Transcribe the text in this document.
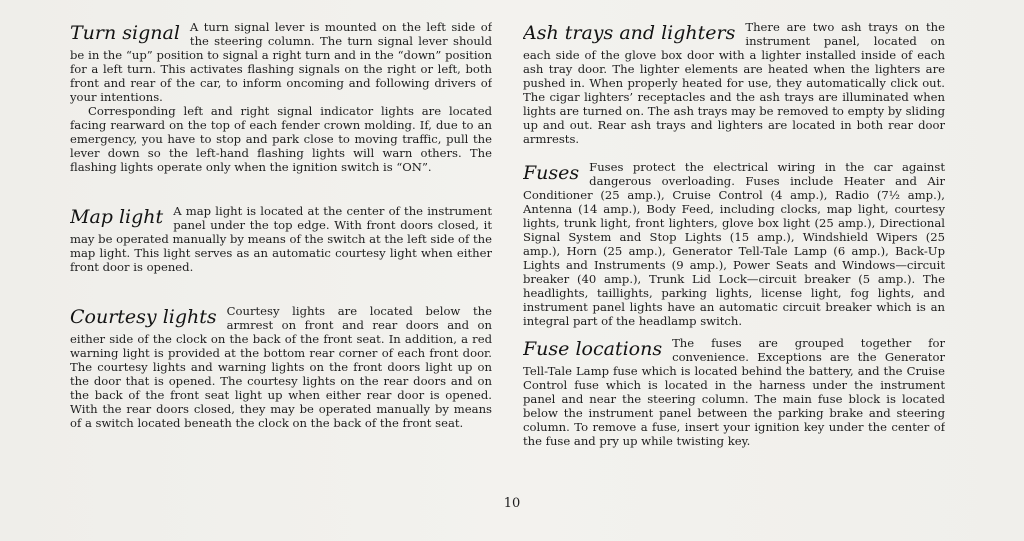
Turn signal A turn signal lever is mounted on the left side of the steering column. The turn signal lever should be in the “up” position to signal a right turn and in the “down” position for a left turn. This activates flashing signals on the right or left, both front and rear of the car, to inform oncoming and following drivers of your intentions.

Corresponding left and right signal indicator lights are located facing rearward on the top of each fender crown molding. If, due to an emergency, you have to stop and park close to moving traffic, pull the lever down so the left-hand flashing lights will warn others. The flashing lights operate only when the ignition switch is “ON”.

Map light A map light is located at the center of the instrument panel under the top edge. With front doors closed, it may be operated manually by means of the switch at the left side of the map light. This light serves as an automatic courtesy light when either front door is opened.

Courtesy lights Courtesy lights are located below the armrest on front and rear doors and on either side of the clock on the back of the front seat. In addition, a red warning light is provided at the bottom rear corner of each front door. The courtesy lights and warning lights on the front doors light up on the door that is opened. The courtesy lights on the rear doors and on the back of the front seat light up when either rear door is opened. With the rear doors closed, they may be operated manually by means of a switch located beneath the clock on the back of the front seat.

Ash trays and lighters There are two ash trays on the instrument panel, located on each side of the glove box door with a lighter installed inside of each ash tray door. The lighter elements are heated when the lighters are pushed in. When properly heated for use, they automatically click out. The cigar lighters’ receptacles and the ash trays are illuminated when lights are turned on. The ash trays may be removed to empty by sliding up and out. Rear ash trays and lighters are located in both rear door armrests.

Fuses Fuses protect the electrical wiring in the car against dangerous overloading. Fuses include Heater and Air Conditioner (25 amp.), Cruise Control (4 amp.), Radio (7½ amp.), Antenna (14 amp.), Body Feed, including clocks, map light, courtesy lights, trunk light, front lighters, glove box light (25 amp.), Directional Signal System and Stop Lights (15 amp.), Windshield Wipers (25 amp.), Horn (25 amp.), Generator Tell-Tale Lamp (6 amp.), Back-Up Lights and Instruments (9 amp.), Power Seats and Windows—circuit breaker (40 amp.), Trunk Lid Lock—circuit breaker (5 amp.). The headlights, taillights, parking lights, license light, fog lights, and instrument panel lights have an automatic circuit breaker which is an integral part of the headlamp switch.

Fuse locations The fuses are grouped together for convenience. Exceptions are the Generator Tell-Tale Lamp fuse which is located behind the battery, and the Cruise Control fuse which is located in the harness under the instrument panel and near the steering column. The main fuse block is located below the instrument panel between the parking brake and steering column. To remove a fuse, insert your ignition key under the center of the fuse and pry up while twisting key.

10
